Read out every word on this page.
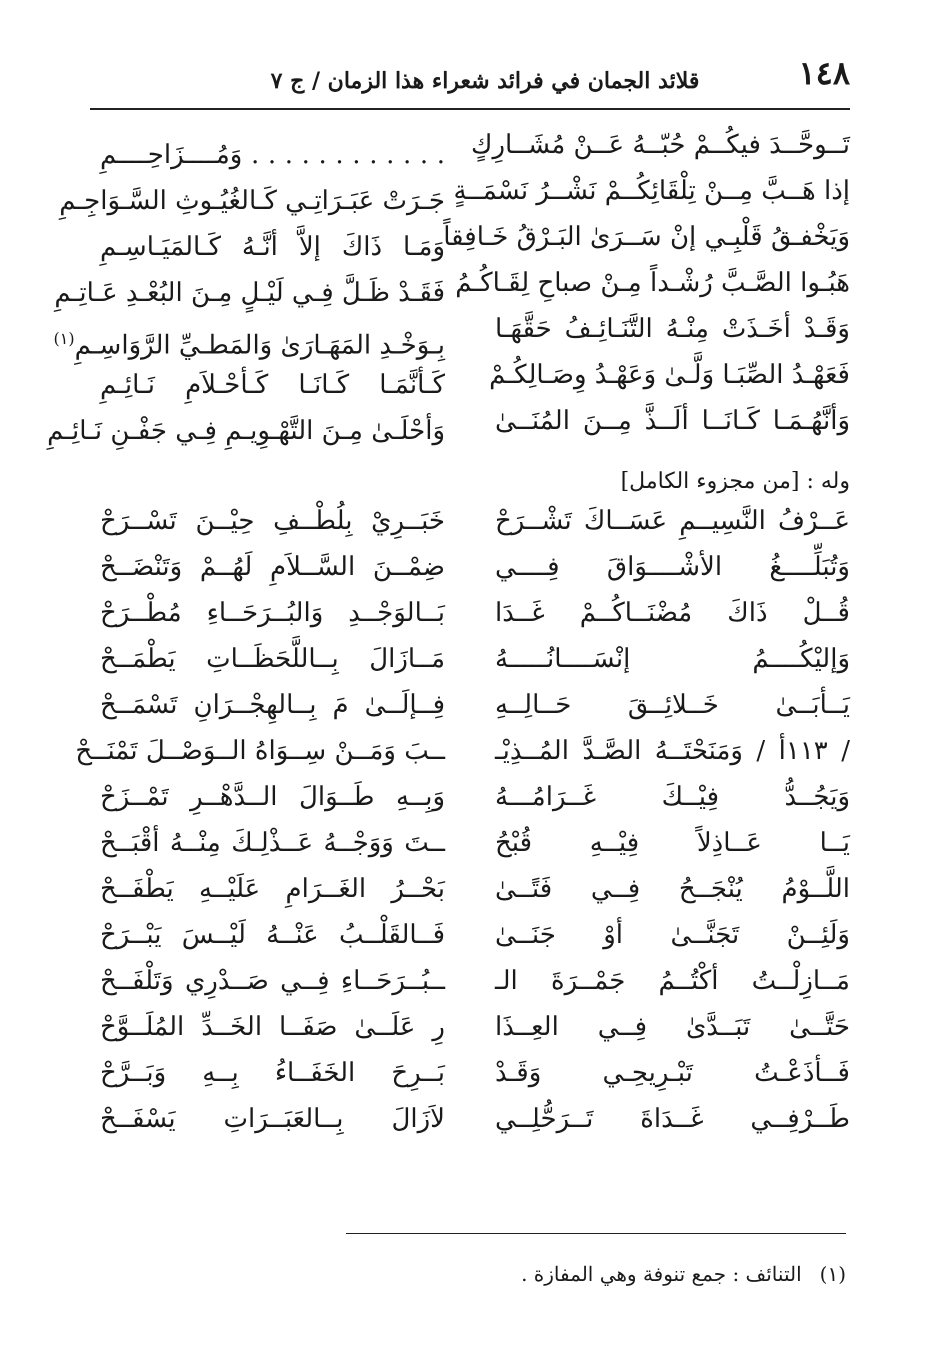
١٤٨
قلائد الجمان في فرائد شعراء هذا الزمان / ج ٧
تَــوحَّــدَ فيكُــمْ حُبّــهُ عَــنْ مُشَــارِكٍ
إذا هَــبَّ مِــنْ تِلْقَائِكُــمْ نَشْــرُ نَسْمَــةٍ
وَيَخْفـقُ قَلْبِـي إنْ سَــرَىٰ البَـرْقُ خَـافِقاً
هَبُـوا الصَّـبَّ رُشْـداً مِـنْ صباحِ لِقَـاكُـمُ
وَقَـدْ أخَـذَتْ مِنْـهُ التَّنَـائِـفُ حَقَّهَـا
فَعَهْـدُ الصِّبَـا وَلَّـىٰ وَعَهْـدُ وِصَـالِكُـمْ
وَأنَّهُـمَـا كَـانَــا ألَــذَّ مِــنَ المُنَــىٰ
. . . . . . . . . . . . وَمُــــزَاحِــــمِ
جَـرَتْ عَبَـرَاتِـي كَـالغُيُـوثِ السَّـوَاجِـمِ
وَمَـا ذَاكَ إلاَّ أنَّـهُ كَـالمَيَـاسِـمِ
فَقَـدْ ظَـلَّ فِـي لَيْـلٍ مِـنَ البُعْـدِ عَـاتِـمِ
بِـوَخْـدِ المَهَـارَىٰ وَالمَطـيِّ الرَّوَاسِـمِ$^{(١)}$
كَـأنَّمَـا كَـانَـا كَـأحْـلاَمِ نَـائِـمِ
وَأحْلَـىٰ مِـنَ التَّهْـوِيـمِ فِـي جَفْـنِ نَـائِـمِ
وله : [من مجزوء الكامل]
عَــرْفُ النَّسِيــمِ عَسَــاكَ تَشْــرَحْ
وَتُبَلِّــــغُ الأشْــــوَاقَ فِــــي
قُــلْ ذَاكَ مُضْنَــاكُــمْ غَــدَا
وَإليْكُــــمُ إنْسَــــانُـــــهُ
يَــأبَــىٰ خَــلائِــقَ حَــالِــهِ
/ ١١٣أ / وَمَنَحْتَــهُ الصَّـدَّ المُــذِيْـ
وَيَجُــدُّ فِيْــكَ غَــرَامُـــهُ
يَــا عَــاذِلاً فِيْــهِ قُبْحُ
اللَّــوْمُ يُنْجَــحُ فِــي فَتًــىٰ
وَلَئِــنْ تَجَنَّــىٰ أوْ جَنَــىٰ
مَــازِلْــتُ أكْتُــمُ جَمْــرَةَ الـ
حَتَّــىٰ تَبَــدَّىٰ فِــي العِــذَا
فَــأذَعْـتُ تَبْـرِيحِـي وَقَـدْ
طَــرْفِــي غَــدَاةَ تَــرَحُّلِــي
خَبَــرِيْ بِلُطْــفِ حِيْــنَ تَسْــرَحْ
ضِمْــنَ السَّــلاَمِ لَهُــمْ وَتَنْضَــحْ
بَــالوَجْــدِ وَالبُــرَحَــاءِ مُطْــرَحْ
مَــازَالَ بِــاللَّحَظَــاتِ يَطْمَــحْ
فِــإلَــىٰ مَ بِــالهِجْــرَانِ تَسْمَــحْ
ــبَ وَمَــنْ سِــوَاهُ الــوَصْــلَ تَمْنَــحْ
وَبِــهِ طَــوَالَ الــدَّهْــرِ تَمْــزَحْ
ــتَ وَوَجْــهُ عَــذْلِـكَ مِنْــهُ أقْبَــحْ
بَحْــرُ الغَــرَامِ عَلَيْــهِ يَطْفَــحْ
فَــالقَلْــبُ عَنْــهُ لَيْــسَ يَبْــرَحْ
ــبُــرَحَــاءِ فِــي صَــدْرِي وَتَلْفَــحْ
رِ عَلَــىٰ صَفَــا الخَــدِّ المُلَــوَّحْ
بَــرِحَ الخَفَــاءُ بِــهِ وَبَــرَّحْ
لاَزَالَ بِــالعَبَــرَاتِ يَسْفَــحْ
(١)التنائف : جمع تنوفة وهي المفازة .
